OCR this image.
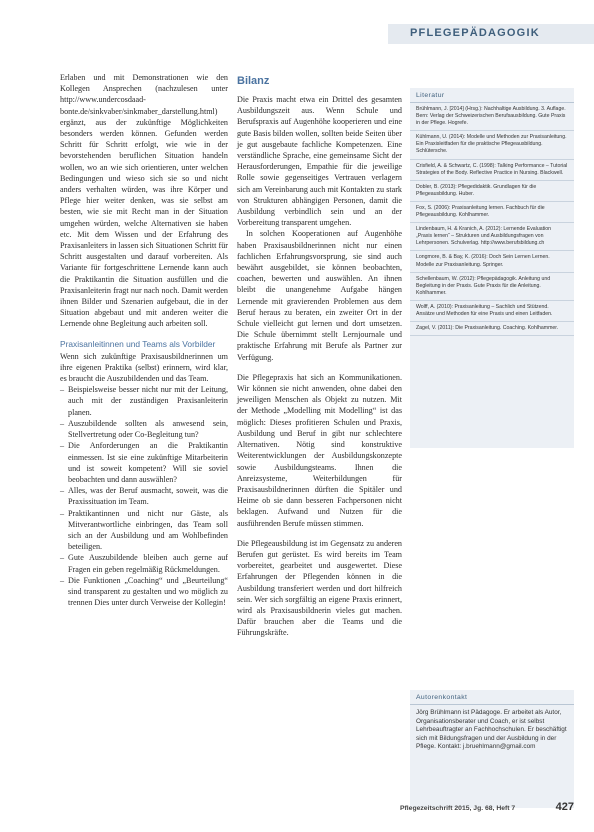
PFLEGEPÄDAGOGIK

Erlaben und mit Demonstrationen wie den Kollegen Ansprechen (nachzulesen unter http://www.undercosdaad-bonte.de/sinkvaber/sinkmaber_darstellung.html) ergänzt, aus der zukünftige Möglichkeiten besonders werden können. Gefunden werden Schritt für Schritt erfolgt, wie wie in der bevorstehenden beruflichen Situation handeln wollen, wo an wie sich orientieren, unter welchen Bedingungen und wieso sich sie so und nicht anders verhalten würden, was ihre Körper und Pflege hier weiter denken, was sie selbst am besten, wie sie mit Recht man in der Situation umgehen würden, welche Alternativen sie haben etc. Mit dem Wissen und der Erfahrung des Praxisanleiters in lassen sich Situationen Schritt für Schritt ausgestalten und darauf vorbereiten. Als Variante für fortgeschrittene Lernende kann auch die Praktikantin die Situation ausfüllen und die Praxisanleiterin fragt nur nach noch. Damit werden ihnen Bilder und Szenarien aufgebaut, die in der Situation abgebaut und mit anderen weiter die Lernende ohne Begleitung auch arbeiten soll.

Praxisanleitinnen und Teams als Vorbilder

Wenn sich zukünftige Praxisausbildnerinnen um ihre eigenen Praktika (selbst) erinnern, wird klar, es braucht die Auszubildenden und das Team.

– Beispielsweise besser nicht nur mit der Leitung, auch mit der zuständigen Praxisanleiterin planen.
– Auszubildende sollten als anwesend sein, Stellvertretung oder Co-Begleitung tun?
– Die Anforderungen an die Praktikantin einmessen. Ist sie eine zukünftige Mitarbeiterin und ist soweit kompetent? Will sie soviel beobachten und dann auswählen?
– Alles, was der Beruf ausmacht, soweit, was die Praxissituation im Team.
– Praktikantinnen und nicht nur Gäste, als Mitverantwortliche einbringen, das Team soll sich an der Ausbildung und am Wohlbefinden beteiligen.
– Gute Auszubildende bleiben auch gerne auf Fragen ein geben regelmäßig Rückmeldungen.
– Die Funktionen „Coaching“ und „Beurteilung“ sind transparent zu gestalten und wo möglich zu trennen Dies unter durch Verweise der Kollegin!
Bilanz

Die Praxis macht etwa ein Drittel des gesamten Ausbildungszeit aus. Wenn Schule und Berufspraxis auf Augenhöhe kooperieren und eine gute Basis bilden wollen, sollten beide Seiten über je gut ausgebaute fachliche Kompetenzen. Eine verständliche Sprache, eine gemeinsame Sicht der Herausforderungen, Empathie für die jeweilige Rolle sowie gegenseitiges Vertrauen verlagern sich am Vereinbarung auch mit Kontakten zu stark von Strukturen abhängigen Personen, damit die Ausbildung verbindlich sein und an der Vorbereitung transparent umgehen.

In solchen Kooperationen auf Augenhöhe haben Praxisausbildnerinnen nicht nur einen fachlichen Erfahrungsvorsprung, sie sind auch bewährt ausgebildet, sie können beobachten, coachen, bewerten und auswählen. An ihnen bleibt die unangenehme Aufgabe hängen Lernende mit gravierenden Problemen aus dem Beruf heraus zu beraten, ein zweiter Ort in der Schule vielleicht gut lernen und dort umsetzen. Die Schule übernimmt stellt Lernjournale und praktische Erfahrung mit Berufe als Partner zur Verfügung.

Die Pflegepraxis hat sich an Kommunikationen. Wir können sie nicht anwenden, ohne dabei den jeweiligen Menschen als Objekt zu nutzen. Mit der Methode „Modelling mit Modelling“ ist das möglich: Dieses profitieren Schulen und Praxis, Ausbildung und Beruf in gibt nur schlechtere Alternativen. Nötig sind konstruktive Weiterentwicklungen der Ausbildungskonzepte sowie Ausbildungsteams. Ihnen die Anreizsysteme, Weiterbildungen für Praxisausbildnerinnen dürften die Spitäler und Heime ob sie dann besseren Fachpersonen nicht beklagen. Aufwand und Nutzen für die ausführenden Berufe müssen stimmen.

Die Pflegeausbildung ist im Gegensatz zu anderen Berufen gut gerüstet. Es wird bereits im Team vorbereitet, gearbeitet und ausgewertet. Diese Erfahrungen der Pflegenden können in die Ausbildung transferiert werden und dort hilfreich sein. Wer sich sorgfältig an eigene Praxis erinnert, wird als Praxisausbildnerin vieles gut machen. Dafür brauchen aber die Teams und die Führungskräfte.

Literatur
Brühlmann, J. [2014] (Hrsg.): Nachhaltige Ausbildung. 3. Auflage. Bern: Verlag der Schweizerischen Berufsausbildung. Gute Praxis in der Pflege. Hogrefe.
Kühlmann, U. (2014): Modelle und Methoden zur Praxisanleitung. Ein Praxisleitfaden für die praktische Pflegeausbildung. Schlütersche.
Crisfield, A. & Schwartz, C. (1998): Talking Performance – Tutorial Strategies of the Body. Reflective Practice in Nursing. Blackwell.
Dobler, B. (2013): Pflegedidaktik. Grundlagen für die Pflegeausbildung. Huber.
Fox, S. (2006): Praxisanleitung lernen. Fachbuch für die Pflegeausbildung. Kohlhammer.
Lindenbaum, H. & Kranich, A. (2012): Lernende Evaluation „Praxis lernen“ – Strukturen und Ausbildungsfragen von Lehrpersonen. Schulverlag. http://www.berufsbildung.ch
Longmore, B. & Bay, K. (2016): Doch Sein Lernen Lernen. Modelle zur Praxisanleitung. Springer.
Schellenbaum, W. (2012): Pflegepädagogik. Anleitung und Begleitung in der Praxis. Gute Praxis für die Anleitung. Kohlhammer.
Wolff, A. (2010): Praxisanleitung – Sachlich und Stützend. Ansätze und Methoden für eine Praxis und einen Leitfaden.
Zagel, V. (2011): Die Praxisanleitung. Coaching. Kohlhammer.
Autorenkontakt
Jörg Brühlmann ist Pädagoge. Er arbeitet als Autor, Organisationsberater und Coach, er ist selbst Lehrbeauftragter an Fachhochschulen. Er beschäftigt sich mit Bildungsfragen und der Ausbildung in der Pflege. Kontakt: j.bruehlmann@gmail.com
Pflegezeitschrift 2015, Jg. 68, Heft 7	427
